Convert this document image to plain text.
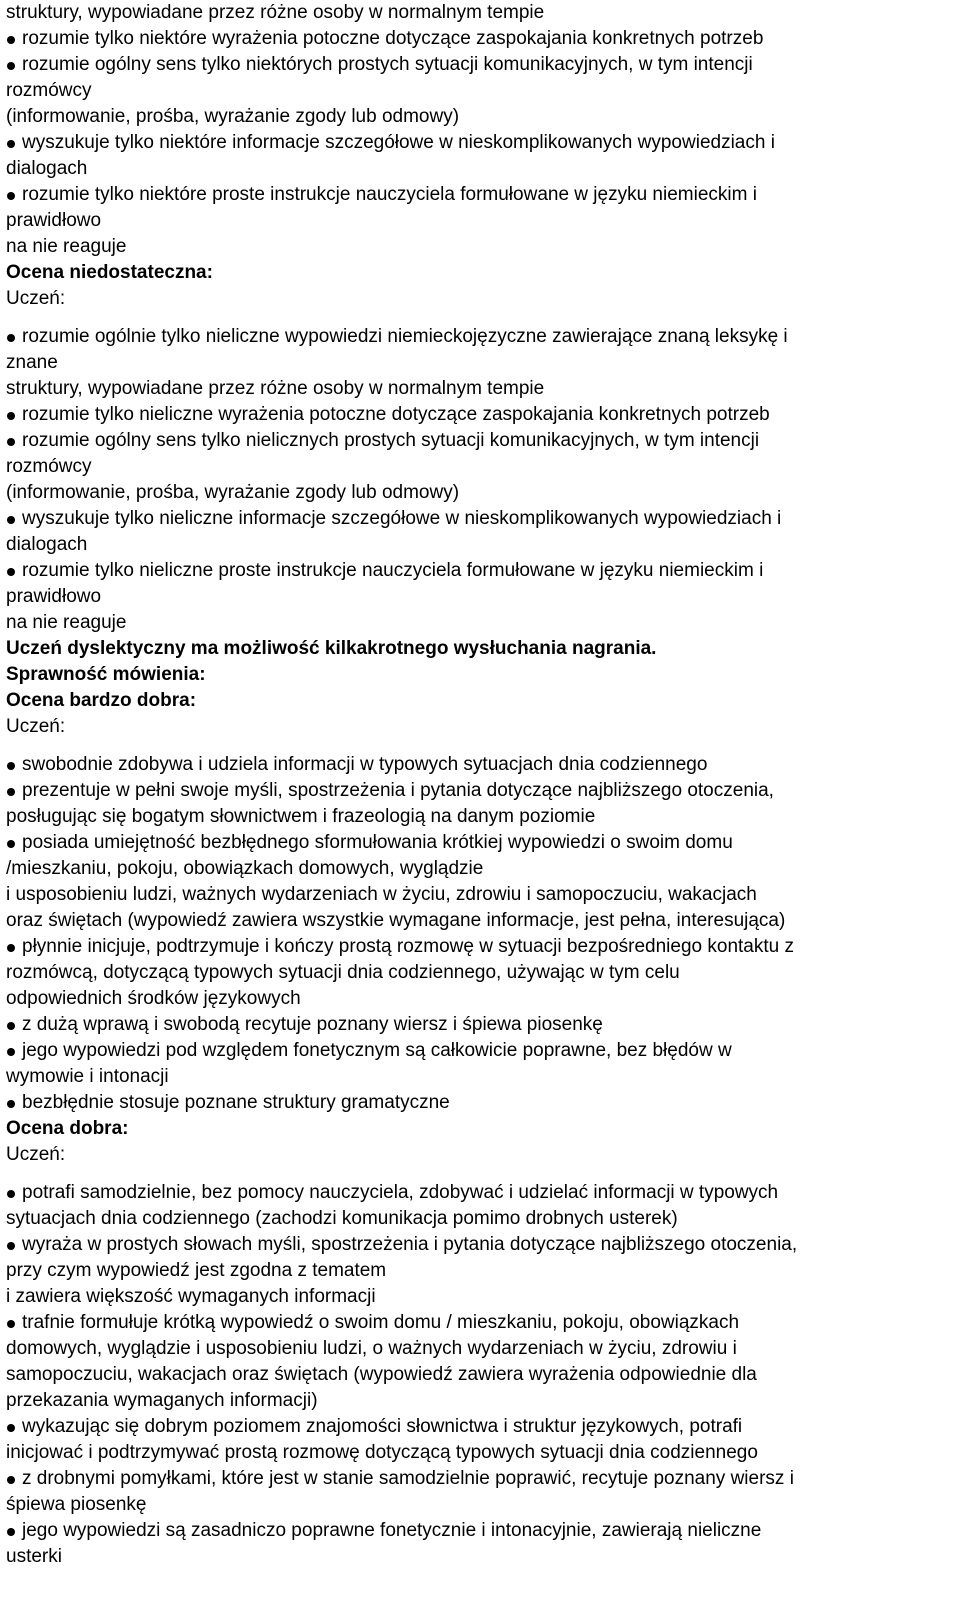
struktury, wypowiadane przez różne osoby w normalnym tempie
rozumie tylko niektóre wyrażenia potoczne dotyczące zaspokajania konkretnych potrzeb
rozumie ogólny sens tylko niektórych prostych sytuacji komunikacyjnych, w tym intencji
rozmówcy
(informowanie, prośba, wyrażanie zgody lub odmowy)
wyszukuje tylko niektóre informacje szczegółowe w nieskomplikowanych wypowiedziach i
dialogach
rozumie tylko niektóre proste instrukcje nauczyciela formułowane w języku niemieckim i
prawidłowo
na nie reaguje
Ocena niedostateczna:
Uczeń:
rozumie ogólnie tylko nieliczne wypowiedzi niemieckojęzyczne zawierające znaną leksykę i
znane
struktury, wypowiadane przez różne osoby w normalnym tempie
rozumie tylko nieliczne wyrażenia potoczne dotyczące zaspokajania konkretnych potrzeb
rozumie ogólny sens tylko nielicznych prostych sytuacji komunikacyjnych, w tym intencji
rozmówcy
(informowanie, prośba, wyrażanie zgody lub odmowy)
wyszukuje tylko nieliczne informacje szczegółowe w nieskomplikowanych wypowiedziach i
dialogach
rozumie tylko nieliczne proste instrukcje nauczyciela formułowane w języku niemieckim i
prawidłowo
na nie reaguje
Uczeń dyslektyczny ma możliwość kilkakrotnego wysłuchania nagrania.
Sprawność mówienia:
Ocena bardzo dobra:
Uczeń:
swobodnie zdobywa i udziela informacji w typowych sytuacjach dnia codziennego
prezentuje w pełni swoje myśli, spostrzeżenia i pytania dotyczące najbliższego otoczenia,
posługując się bogatym słownictwem i frazeologią na danym poziomie
posiada umiejętność bezbłędnego sformułowania krótkiej wypowiedzi o swoim domu
/mieszkaniu, pokoju, obowiązkach domowych, wyglądzie
i usposobieniu ludzi, ważnych wydarzeniach w życiu, zdrowiu i samopoczuciu, wakacjach
oraz świętach (wypowiedź zawiera wszystkie wymagane informacje, jest pełna, interesująca)
płynnie inicjuje, podtrzymuje i kończy prostą rozmowę w sytuacji bezpośredniego kontaktu z
rozmówcą, dotyczącą typowych sytuacji dnia codziennego, używając w tym celu
odpowiednich środków językowych
z dużą wprawą i swobodą recytuje poznany wiersz i śpiewa piosenkę
jego wypowiedzi pod względem fonetycznym są całkowicie poprawne, bez błędów w
wymowie i intonacji
bezbłędnie stosuje poznane struktury gramatyczne
Ocena dobra:
Uczeń:
potrafi samodzielnie, bez pomocy nauczyciela, zdobywać i udzielać informacji w typowych
sytuacjach dnia codziennego (zachodzi komunikacja pomimo drobnych usterek)
wyraża w prostych słowach myśli, spostrzeżenia i pytania dotyczące najbliższego otoczenia,
przy czym wypowiedź jest zgodna z tematem
i zawiera większość wymaganych informacji
trafnie formułuje krótką wypowiedź o swoim domu / mieszkaniu, pokoju, obowiązkach
domowych, wyglądzie i usposobieniu ludzi, o ważnych wydarzeniach w życiu, zdrowiu i
samopoczuciu, wakacjach oraz świętach (wypowiedź zawiera wyrażenia odpowiednie dla
przekazania wymaganych informacji)
wykazując się dobrym poziomem znajomości słownictwa i struktur językowych, potrafi
inicjować i podtrzymywać prostą rozmowę dotyczącą typowych sytuacji dnia codziennego
z drobnymi pomyłkami, które jest w stanie samodzielnie poprawić, recytuje poznany wiersz i
śpiewa piosenkę
jego wypowiedzi są zasadniczo poprawne fonetycznie i intonacyjnie, zawierają nieliczne
usterki
